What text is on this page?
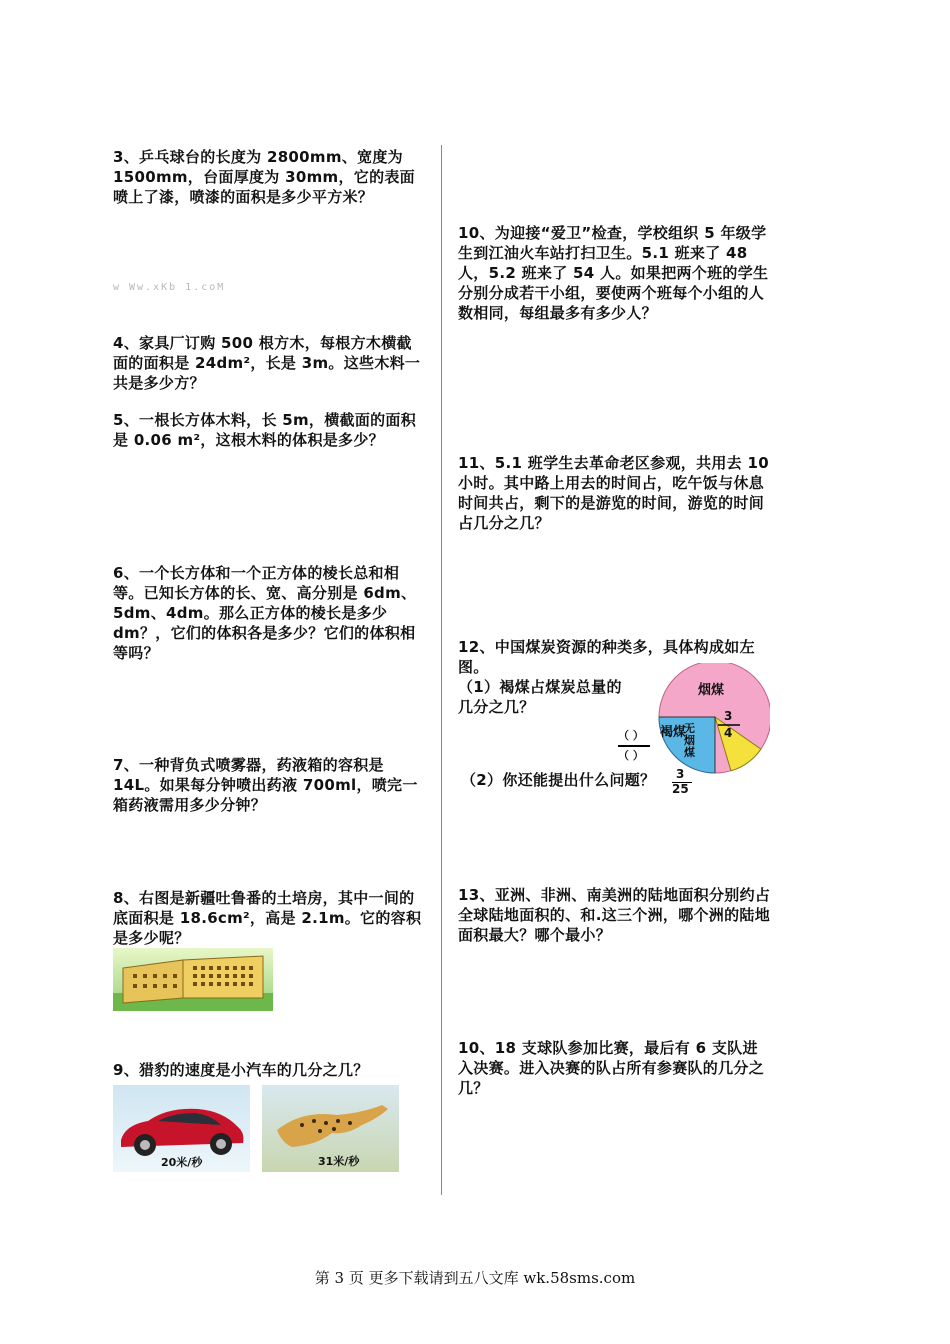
3、乒乓球台的长度为 2800mm、宽度为 1500mm，台面厚度为 30mm，它的表面喷上了漆，喷漆的面积是多少平方米？
w Ww.xKb 1.coM
4、家具厂订购 500 根方木，每根方木横截面的面积是 24dm²，长是 3m。这些木料一共是多少方？
5、一根长方体木料，长 5m，横截面的面积是 0.06 m²，这根木料的体积是多少？
6、一个长方体和一个正方体的棱长总和相等。已知长方体的长、宽、高分别是 6dm、5dm、4dm。那么正方体的棱长是多少 dm？，它们的体积各是多少？它们的体积相等吗？
7、一种背负式喷雾器，药液箱的容积是 14L。如果每分钟喷出药液 700ml，喷完一箱药液需用多少分钟？
8、右图是新疆吐鲁番的土培房，其中一间的底面积是 18.6cm²，高是 2.1m。它的容积是多少呢？
9、猎豹的速度是小汽车的几分之几？
20米/秒	31米/秒
10、为迎接“爱卫”检查，学校组织 5 年级学生到江油火车站打扫卫生。5.1 班来了 48 人，5.2 班来了 54 人。如果把两个班的学生分别分成若干小组，要使两个班每个小组的人数相同，每组最多有多少人？
11、5.1 班学生去革命老区参观，共用去 10 小时。其中路上用去的时间占，吃午饭与休息时间共占，剩下的是游览的时间，游览的时间占几分之几？
12、中国煤炭资源的种类多，具体构成如左图。
（1）褐煤占煤炭总量的几分之几？
（2）你还能提出什么问题？
烟煤
3
4
褐煤
无烟煤
（ ）
（ ）
3
25
13、亚洲、非洲、南美洲的陆地面积分别约占全球陆地面积的、和.这三个洲，哪个洲的陆地面积最大？哪个最小？
10、18 支球队参加比赛，最后有 6 支队进入决赛。进入决赛的队占所有参赛队的几分之几？
第 3 页 更多下载请到五八文库 wk.58sms.com
